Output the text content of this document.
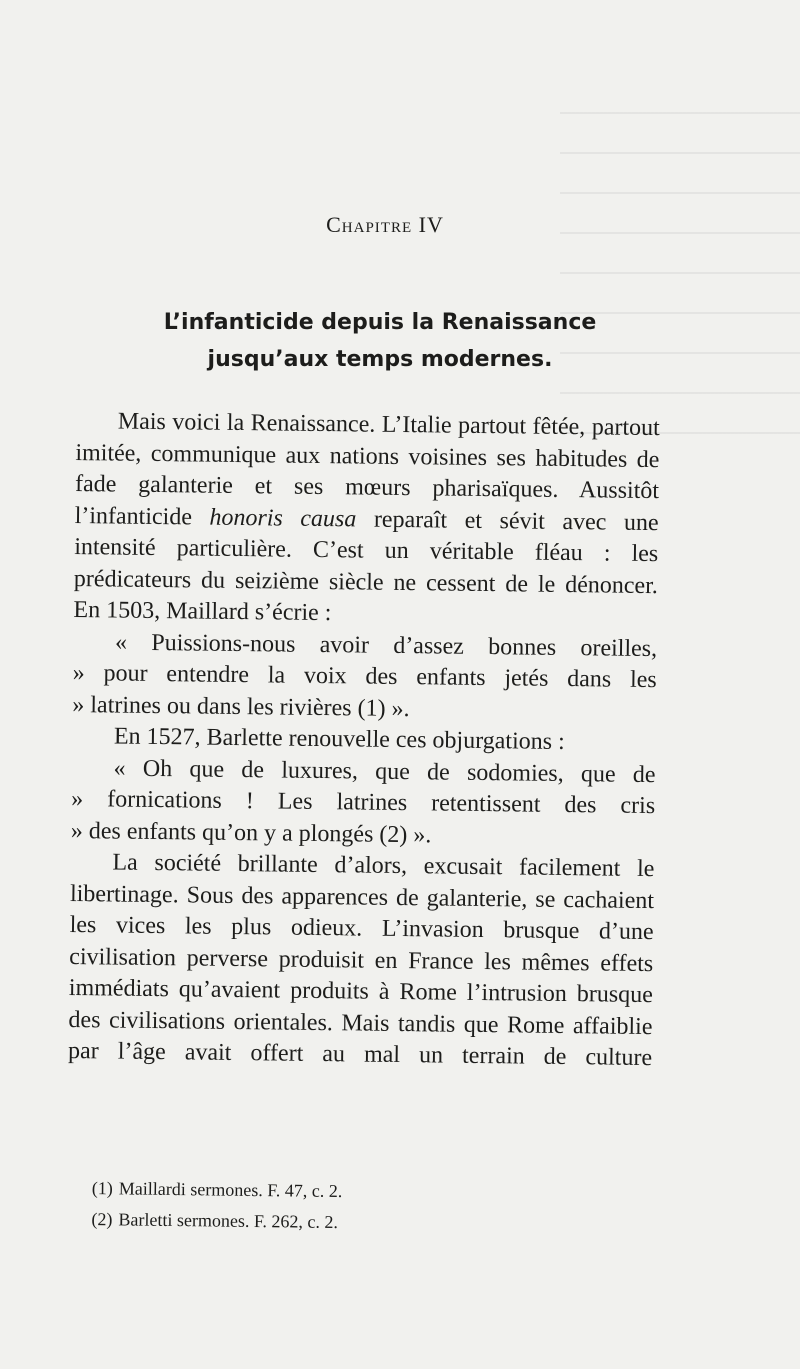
Chapitre IV
L’infanticide depuis la Renaissance
jusqu’aux temps modernes.

Mais voici la Renaissance. L’Italie partout fêtée, partout imitée, communique aux nations voisines ses habitudes de fade galanterie et ses mœurs pharisaïques. Aussitôt l’infanticide honoris causa reparaît et sévit avec une intensité particulière. C’est un véritable fléau : les prédicateurs du seizième siècle ne cessent de le dénoncer. En 1503, Maillard s’écrie :

« Puissions-nous avoir d’assez bonnes oreilles,

» pour entendre la voix des enfants jetés dans les

» latrines ou dans les rivières (1) ».

En 1527, Barlette renouvelle ces objurgations :

« Oh que de luxures, que de sodomies, que de

» fornications ! Les latrines retentissent des cris

» des enfants qu’on y a plongés (2) ».

La société brillante d’alors, excusait facilement le libertinage. Sous des apparences de galanterie, se cachaient les vices les plus odieux. L’invasion brusque d’une civilisation perverse produisit en France les mêmes effets immédiats qu’avaient produits à Rome l’intrusion brusque des civilisations orientales. Mais tandis que Rome affaiblie par l’âge avait offert au mal un terrain de culture

(1) Maillardi sermones. F. 47, c. 2.
(2) Barletti sermones. F. 262, c. 2.
